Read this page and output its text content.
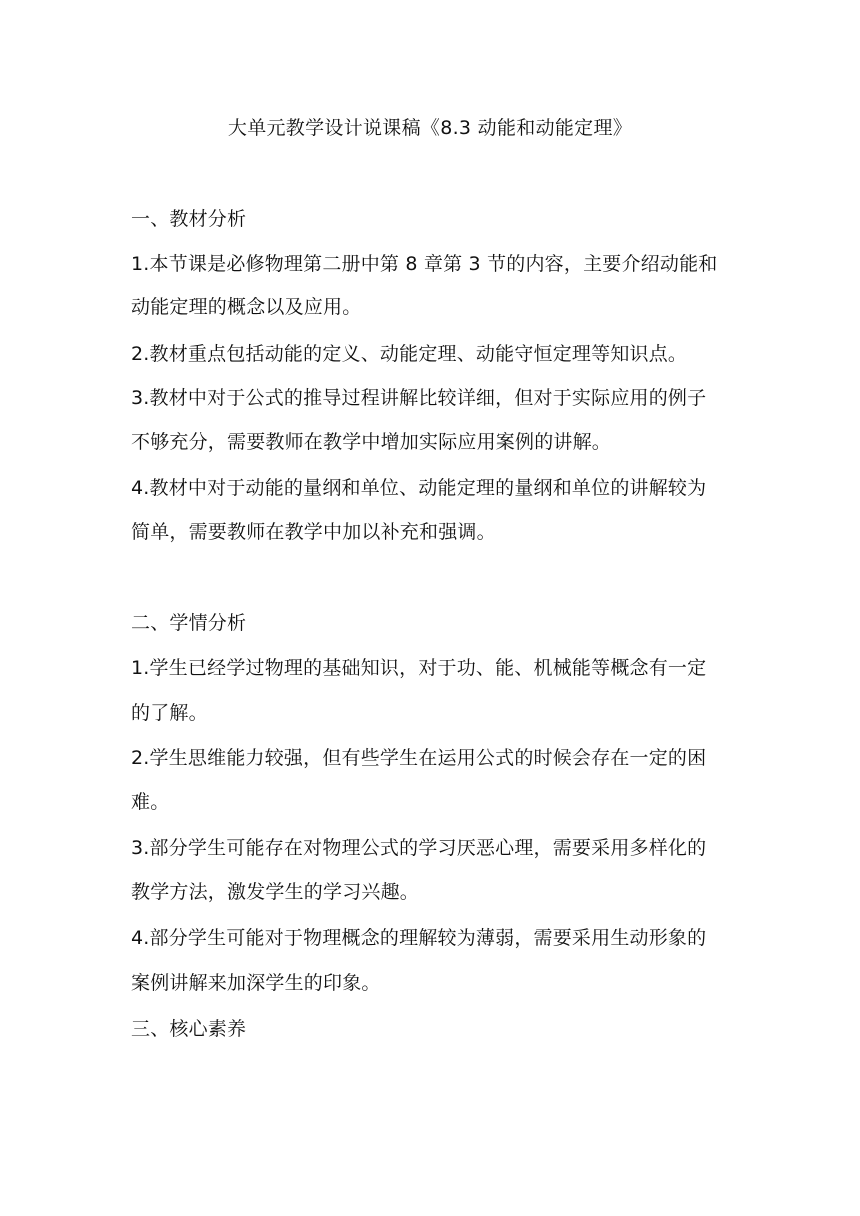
大单元教学设计说课稿《8.3 动能和动能定理》
一、教材分析
1.本节课是必修物理第二册中第 8 章第 3 节的内容，主要介绍动能和
动能定理的概念以及应用。
2.教材重点包括动能的定义、动能定理、动能守恒定理等知识点。
3.教材中对于公式的推导过程讲解比较详细，但对于实际应用的例子
不够充分，需要教师在教学中增加实际应用案例的讲解。
4.教材中对于动能的量纲和单位、动能定理的量纲和单位的讲解较为
简单，需要教师在教学中加以补充和强调。
二、学情分析
1.学生已经学过物理的基础知识，对于功、能、机械能等概念有一定
的了解。
2.学生思维能力较强，但有些学生在运用公式的时候会存在一定的困
难。
3.部分学生可能存在对物理公式的学习厌恶心理，需要采用多样化的
教学方法，激发学生的学习兴趣。
4.部分学生可能对于物理概念的理解较为薄弱，需要采用生动形象的
案例讲解来加深学生的印象。
三、核心素养
